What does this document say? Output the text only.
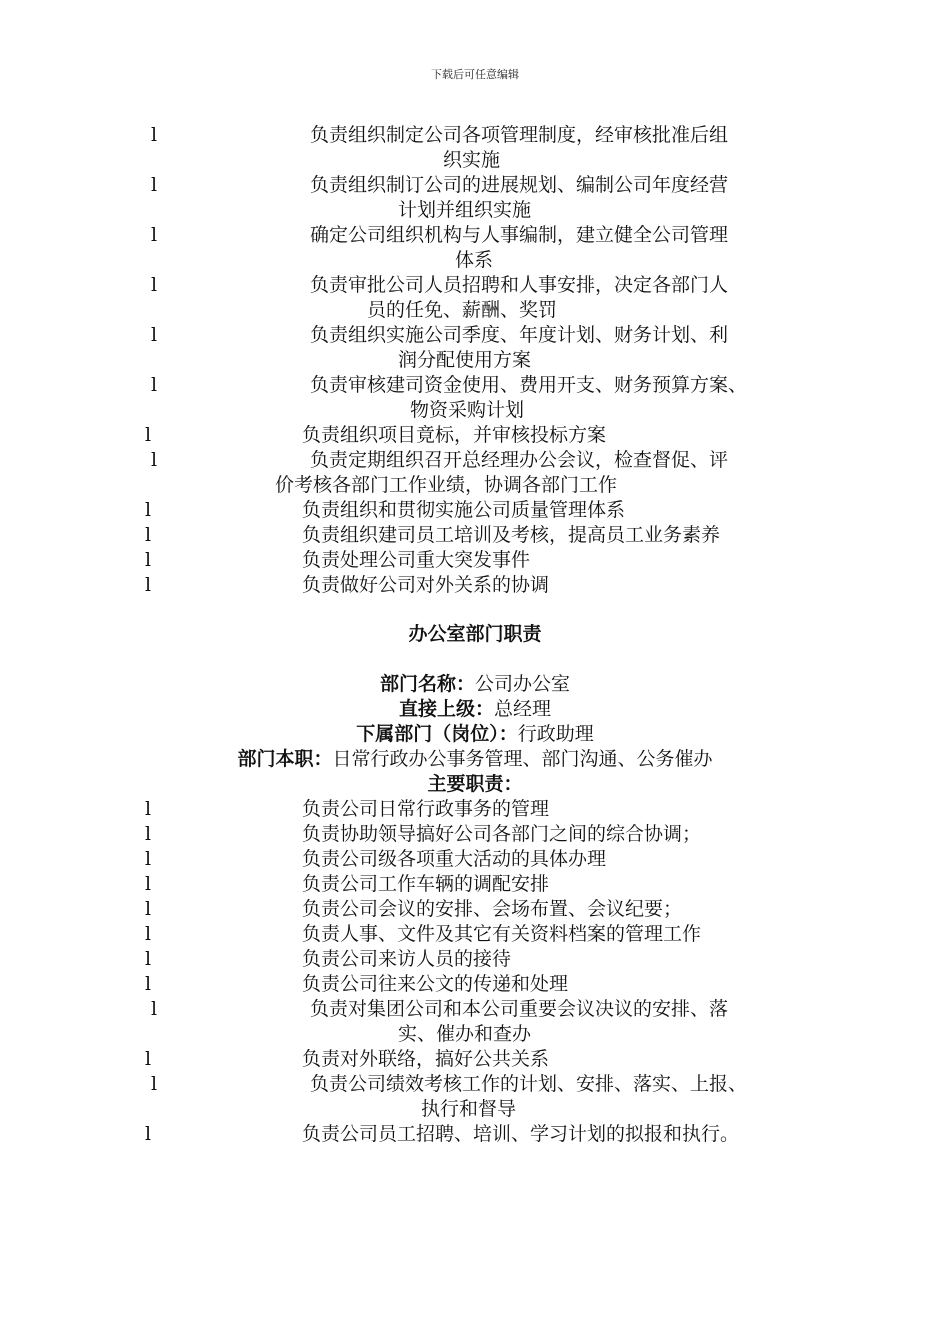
下载后可任意编辑
l	负责组织制定公司各项管理制度，经审核批准后组
织实施
l	负责组织制订公司的进展规划、编制公司年度经营
计划并组织实施
l	确定公司组织机构与人事编制，建立健全公司管理
体系
l	负责审批公司人员招聘和人事安排，决定各部门人
员的任免、薪酬、奖罚
l	负责组织实施公司季度、年度计划、财务计划、利
润分配使用方案
l	负责审核建司资金使用、费用开支、财务预算方案、
物资采购计划
l	负责组织项目竟标，并审核投标方案
l	负责定期组织召开总经理办公会议，检查督促、评
价考核各部门工作业绩，协调各部门工作
l	负责组织和贯彻实施公司质量管理体系
l	负责组织建司员工培训及考核，提高员工业务素养
l	负责处理公司重大突发事件
l	负责做好公司对外关系的协调
办公室部门职责
部门名称：公司办公室
直接上级：总经理
下属部门（岗位）：行政助理
部门本职：日常行政办公事务管理、部门沟通、公务催办
主要职责：
l	负责公司日常行政事务的管理
l	负责协助领导搞好公司各部门之间的综合协调；
l	负责公司级各项重大活动的具体办理
l	负责公司工作车辆的调配安排
l	负责公司会议的安排、会场布置、会议纪要；
l	负责人事、文件及其它有关资料档案的管理工作
l	负责公司来访人员的接待
l	负责公司往来公文的传递和处理
l	负责对集团公司和本公司重要会议决议的安排、落
实、催办和查办
l	负责对外联络，搞好公共关系
l	负责公司绩效考核工作的计划、安排、落实、上报、
执行和督导
l	负责公司员工招聘、培训、学习计划的拟报和执行。
